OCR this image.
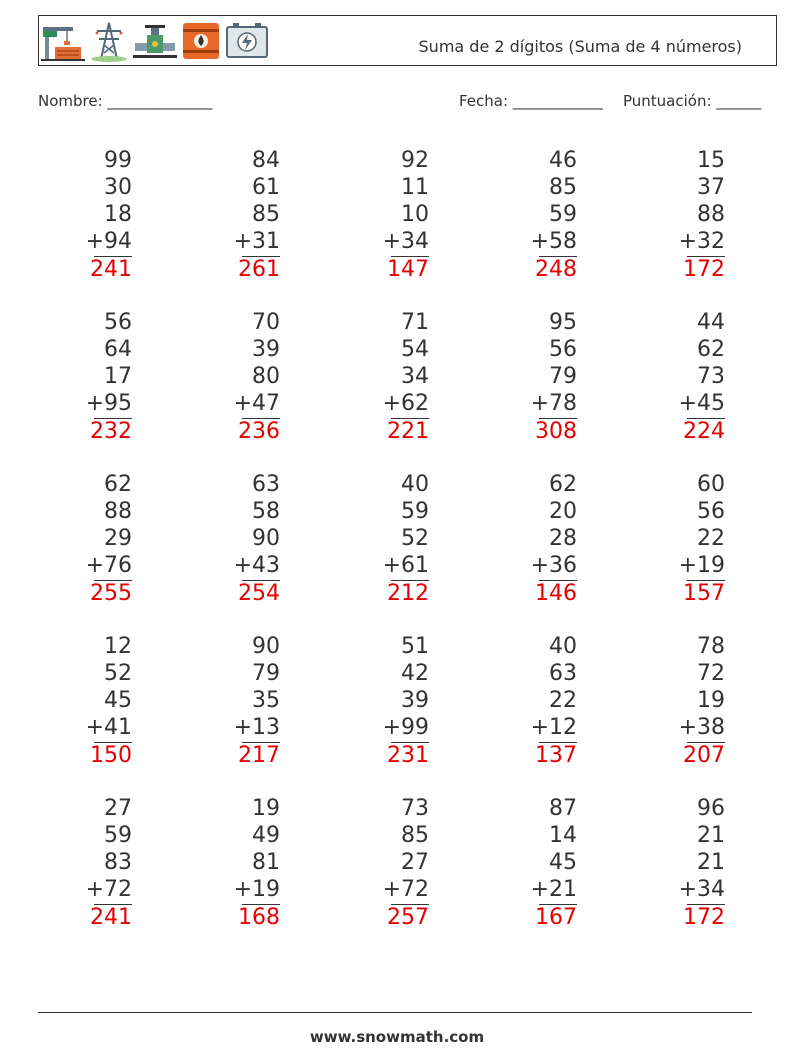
Suma de 2 dígitos (Suma de 4 números)
Nombre: ______________	Fecha: ____________ Puntuación: ______
99
30
18
+94
241
84
61
85
+31
261
92
11
10
+34
147
46
85
59
+58
248
15
37
88
+32
172
56
64
17
+95
232
70
39
80
+47
236
71
54
34
+62
221
95
56
79
+78
308
44
62
73
+45
224
62
88
29
+76
255
63
58
90
+43
254
40
59
52
+61
212
62
20
28
+36
146
60
56
22
+19
157
12
52
45
+41
150
90
79
35
+13
217
51
42
39
+99
231
40
63
22
+12
137
78
72
19
+38
207
27
59
83
+72
241
19
49
81
+19
168
73
85
27
+72
257
87
14
45
+21
167
96
21
21
+34
172
www.snowmath.com
